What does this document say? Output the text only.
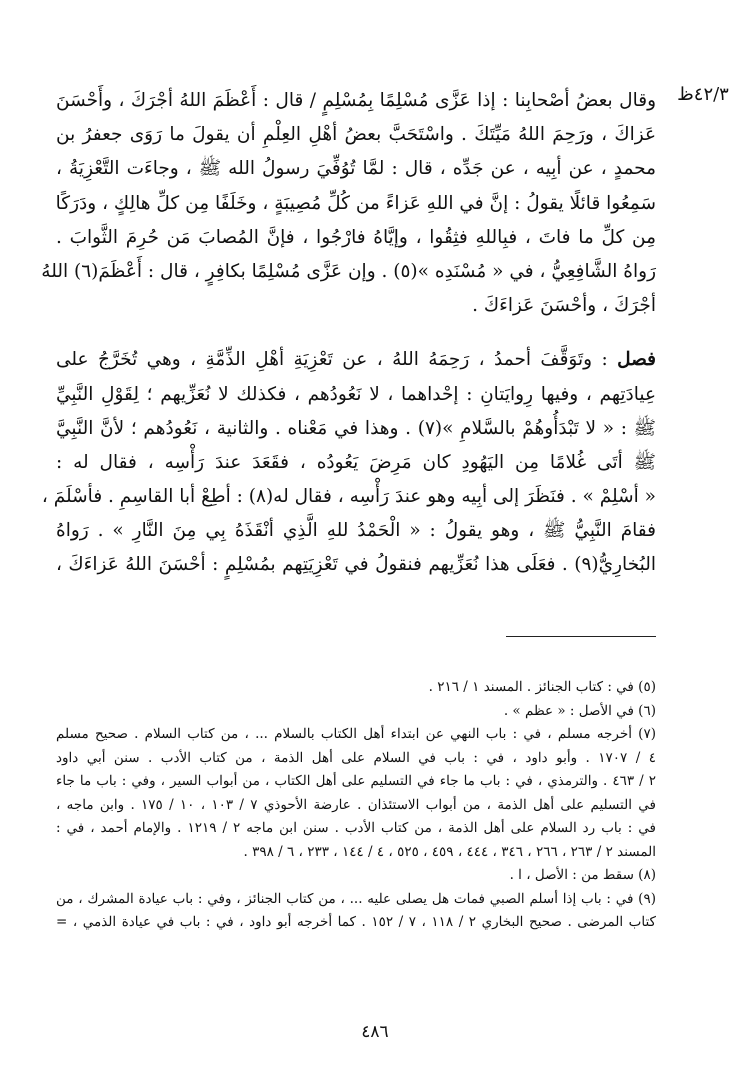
٤٢/٣ظ
وقال بعضُ أصْحابِنا : إذا عَزَّى مُسْلِمًا بِمُسْلِمٍ / قال : أَعْظَمَ اللهُ أجْرَكَ ، وأَحْسَنَ
عَزاكَ ، ورَحِمَ اللهُ مَيِّتَكَ . واسْتَحَبَّ بعضُ أهْلِ العِلْمِ أن يقولَ ما رَوَى جعفرُ بن
محمدٍ ، عن أبِيه ، عن جَدِّه ، قال : لمَّا تُوُفِّيَ رسولُ الله ﷺ ، وجاءَت التَّعْزِيَةُ ،
سَمِعُوا قائلًا يقولُ : إنَّ في اللهِ عَزاءً من كُلِّ مُصِيبَةٍ ، وخَلَفًا مِن كلِّ هالِكٍ ، ودَرَكًا
مِن كلِّ ما فاتَ ، فبِاللهِ فثِقُوا ، وإيَّاهُ فارْجُوا ، فإنَّ المُصابَ مَن حُرِمَ الثَّوابَ .
رَواهُ الشَّافِعِيُّ ، في « مُسْنَدِه »(٥) . وإن عَزَّى مُسْلِمًا بكافِرٍ ، قال : أَعْظَمَ(٦) اللهُ
أجْرَكَ ، وأحْسَنَ عَزاءَكَ .
فصل : وتَوَقَّفَ أحمدُ ، رَحِمَهُ اللهُ ، عن تَعْزِيَةِ أهْلِ الذِّمَّةِ ، وهي تُخَرَّجُ على
عِيادَتِهم ، وفيها رِوايَتانِ : إحْداهما ، لا نَعُودُهم ، فكذلك لا نُعَزِّيهم ؛ لِقَوْلِ النَّبِيِّ
ﷺ : « لا تَبْدَأُوهُمْ بالسَّلامِ »(٧) . وهذا في مَعْناه . والثانية ، نَعُودُهم ؛ لأنَّ النَّبِيَّ
ﷺ أتَى غُلامًا مِن اليَهُودِ كان مَرِضَ يَعُودُه ، فقَعَدَ عندَ رَأْسِه ، فقال له :
« أسْلِمْ » . فنَظَرَ إلى أبِيه وهو عندَ رَأْسِه ، فقال له(٨) : أطِعْ أبا القاسِمِ . فأسْلَمَ ،
فقامَ النَّبِيُّ ﷺ ، وهو يقولُ : « الْحَمْدُ للهِ الَّذِي أنْقَذَهُ بِي مِنَ النَّارِ » . رَواهُ
البُخارِيُّ(٩) . فعَلَى هذا نُعَزِّيهم فنقولُ في تَعْزِيَتِهم بمُسْلِمٍ : أحْسَنَ اللهُ عَزاءَكَ ،
(٥) في : كتاب الجنائز . المسند ١ / ٢١٦ .
(٦) في الأصل : « عظم » .
(٧) أخرجه مسلم ، في : باب النهي عن ابتداء أهل الكتاب بالسلام ... ، من كتاب السلام . صحيح مسلم
٤ / ١٧٠٧ . وأبو داود ، في : باب في السلام على أهل الذمة ، من كتاب الأدب . سنن أبي داود
٢ / ٤٦٣ . والترمذي ، في : باب ما جاء في التسليم على أهل الكتاب ، من أبواب السير ، وفي : باب ما جاء
في التسليم على أهل الذمة ، من أبواب الاستئذان . عارضة الأحوذي ٧ / ١٠٣ ، ١٠ / ١٧٥ . وابن ماجه ،
في : باب رد السلام على أهل الذمة ، من كتاب الأدب . سنن ابن ماجه ٢ / ١٢١٩ . والإمام أحمد ، في :
المسند ٢ / ٢٦٣ ، ٢٦٦ ، ٣٤٦ ، ٤٤٤ ، ٤٥٩ ، ٥٢٥ ، ٤ / ١٤٤ ، ٢٣٣ ، ٦ / ٣٩٨ .
(٨) سقط من : الأصل ، ا .
(٩) في : باب إذا أسلم الصبي فمات هل يصلى عليه ... ، من كتاب الجنائز ، وفي : باب عيادة المشرك ، من
كتاب المرضى . صحيح البخاري ٢ / ١١٨ ، ٧ / ١٥٢ . كما أخرجه أبو داود ، في : باب في عيادة الذمي ، =
٤٨٦
